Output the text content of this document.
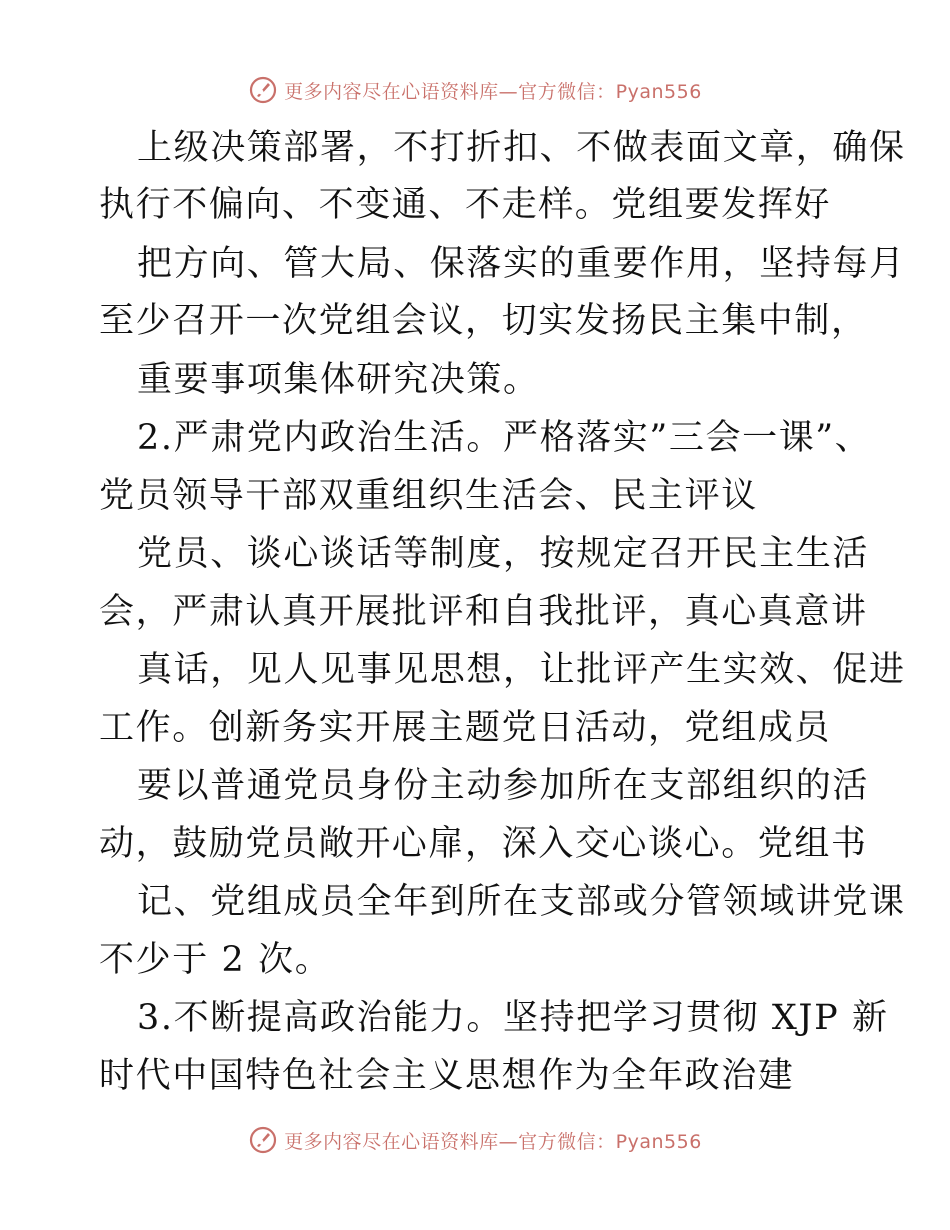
更多内容尽在心语资料库—官方微信：Pyan556
上级决策部署，不打折扣、不做表面文章，确保
执行不偏向、不变通、不走样。党组要发挥好
把方向、管大局、保落实的重要作用，坚持每月
至少召开一次党组会议，切实发扬民主集中制，
重要事项集体研究决策。
2.严肃党内政治生活。严格落实”三会一课”、
党员领导干部双重组织生活会、民主评议
党员、谈心谈话等制度，按规定召开民主生活
会，严肃认真开展批评和自我批评，真心真意讲
真话，见人见事见思想，让批评产生实效、促进
工作。创新务实开展主题党日活动，党组成员
要以普通党员身份主动参加所在支部组织的活
动，鼓励党员敞开心扉，深入交心谈心。党组书
记、党组成员全年到所在支部或分管领域讲党课
不少于 2 次。
3.不断提高政治能力。坚持把学习贯彻 XJP 新
时代中国特色社会主义思想作为全年政治建
更多内容尽在心语资料库—官方微信：Pyan556
